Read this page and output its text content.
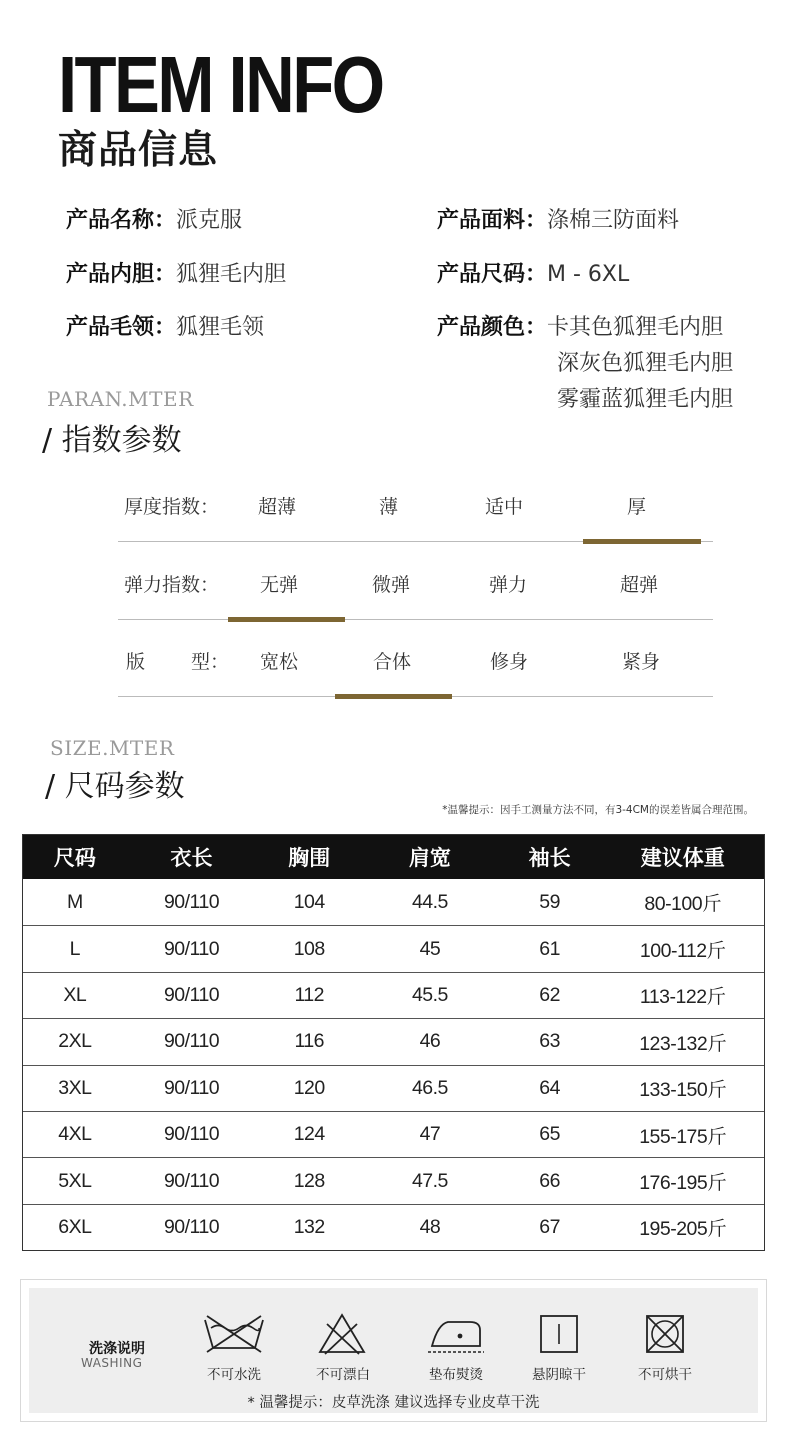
ITEM INFO
商品信息
产品名称：派克服	产品面料：涤棉三防面料
产品内胆：狐狸毛内胆	产品尺码：M - 6XL
产品毛领：狐狸毛领	产品颜色：卡其色狐狸毛内胆
深灰色狐狸毛内胆
雾霾蓝狐狸毛内胆
PARAN.MTER
/ 指数参数
厚度指数： 超薄	薄	适中	厚
弹力指数： 无弹	微弹	弹力	超弹
版 型： 宽松	合体	修身	紧身
SIZE.MTER
/ 尺码参数
*温馨提示：因手工测量方法不同，有3-4CM的误差皆属合理范围。
尺码	衣长	胸围	肩宽	袖长	建议体重
M	90/110	104	44.5	59	80-100斤
L	90/110	108	45	61	100-112斤
XL	90/110	112	45.5	62	113-122斤
2XL	90/110	116	46	63	123-132斤
3XL	90/110	120	46.5	64	133-150斤
4XL	90/110	124	47	65	155-175斤
5XL	90/110	128	47.5	66	176-195斤
6XL	90/110	132	48	67	195-205斤
洗涤说明
WASHING
不可水洗	不可漂白	垫布熨烫	悬阴晾干	不可烘干
* 温馨提示：皮草洗涤 建议选择专业皮草干洗
